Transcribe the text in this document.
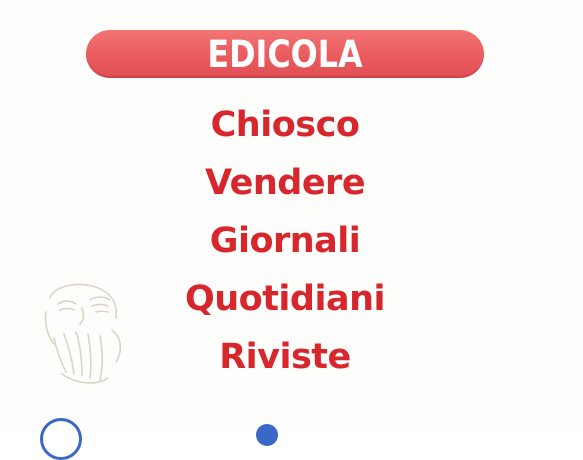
EDICOLA
Chiosco
Vendere
Giornali
Quotidiani
Riviste
